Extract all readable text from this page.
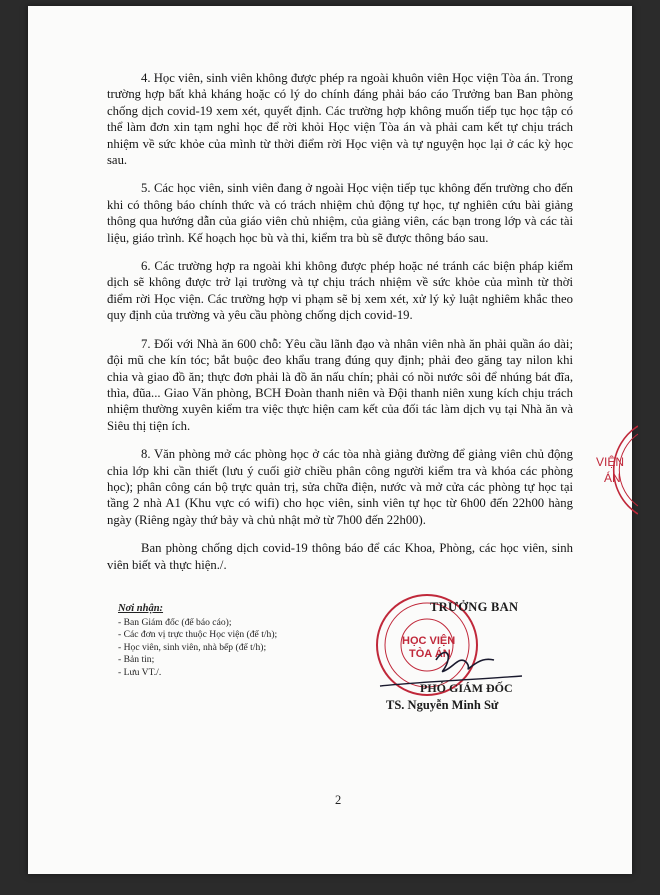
4. Học viên, sinh viên không được phép ra ngoài khuôn viên Học viện Tòa án. Trong trường hợp bất khả kháng hoặc có lý do chính đáng phải báo cáo Trưởng ban Ban phòng chống dịch covid-19 xem xét, quyết định. Các trường hợp không muốn tiếp tục học tập có thể làm đơn xin tạm nghỉ học để rời khỏi Học viện Tòa án và phải cam kết tự chịu trách nhiệm về sức khỏe của mình từ thời điểm rời Học viện và tự nguyện học lại ở các kỳ học sau.

5. Các học viên, sinh viên đang ở ngoài Học viện tiếp tục không đến trường cho đến khi có thông báo chính thức và có trách nhiệm chủ động tự học, tự nghiên cứu bài giảng thông qua hướng dẫn của giáo viên chủ nhiệm, của giảng viên, các bạn trong lớp và các tài liệu, giáo trình. Kế hoạch học bù và thi, kiểm tra bù sẽ được thông báo sau.

6. Các trường hợp ra ngoài khi không được phép hoặc né tránh các biện pháp kiểm dịch sẽ không được trở lại trường và tự chịu trách nhiệm về sức khỏe của mình từ thời điểm rời Học viện. Các trường hợp vi phạm sẽ bị xem xét, xử lý kỷ luật nghiêm khắc theo quy định của trường và yêu cầu phòng chống dịch covid-19.

7. Đối với Nhà ăn 600 chỗ: Yêu cầu lãnh đạo và nhân viên nhà ăn phải quần áo dài; đội mũ che kín tóc; bắt buộc đeo khẩu trang đúng quy định; phải đeo găng tay nilon khi chia và giao đồ ăn; thực đơn phải là đồ ăn nấu chín; phải có nồi nước sôi để nhúng bát đĩa, thìa, đũa... Giao Văn phòng, BCH Đoàn thanh niên và Đội thanh niên xung kích chịu trách nhiệm thường xuyên kiểm tra việc thực hiện cam kết của đối tác làm dịch vụ tại Nhà ăn và Siêu thị tiện ích.

8. Văn phòng mở các phòng học ở các tòa nhà giảng đường để giảng viên chủ động chia lớp khi cần thiết (lưu ý cuối giờ chiều phân công người kiểm tra và khóa các phòng học); phân công cán bộ trực quản trị, sửa chữa điện, nước và mở cửa các phòng tự học tại tầng 2 nhà A1 (Khu vực có wifi) cho học viên, sinh viên tự học từ 6h00 đến 22h00 hàng ngày (Riêng ngày thứ bảy và chủ nhật mở từ 7h00 đến 22h00).

Ban phòng chống dịch covid-19 thông báo để các Khoa, Phòng, các học viên, sinh viên biết và thực hiện./.

VIỆN
ÁN
Nơi nhận:
- Ban Giám đốc (để báo cáo);
- Các đơn vị trực thuộc Học viện (để t/h);
- Học viên, sinh viên, nhà bếp (để t/h);
- Bản tin;
- Lưu VT./.
HỌC VIỆN
TÒA ÁN
TRƯỞNG BAN
PHÓ GIÁM ĐỐC
TS. Nguyễn Minh Sử
2
